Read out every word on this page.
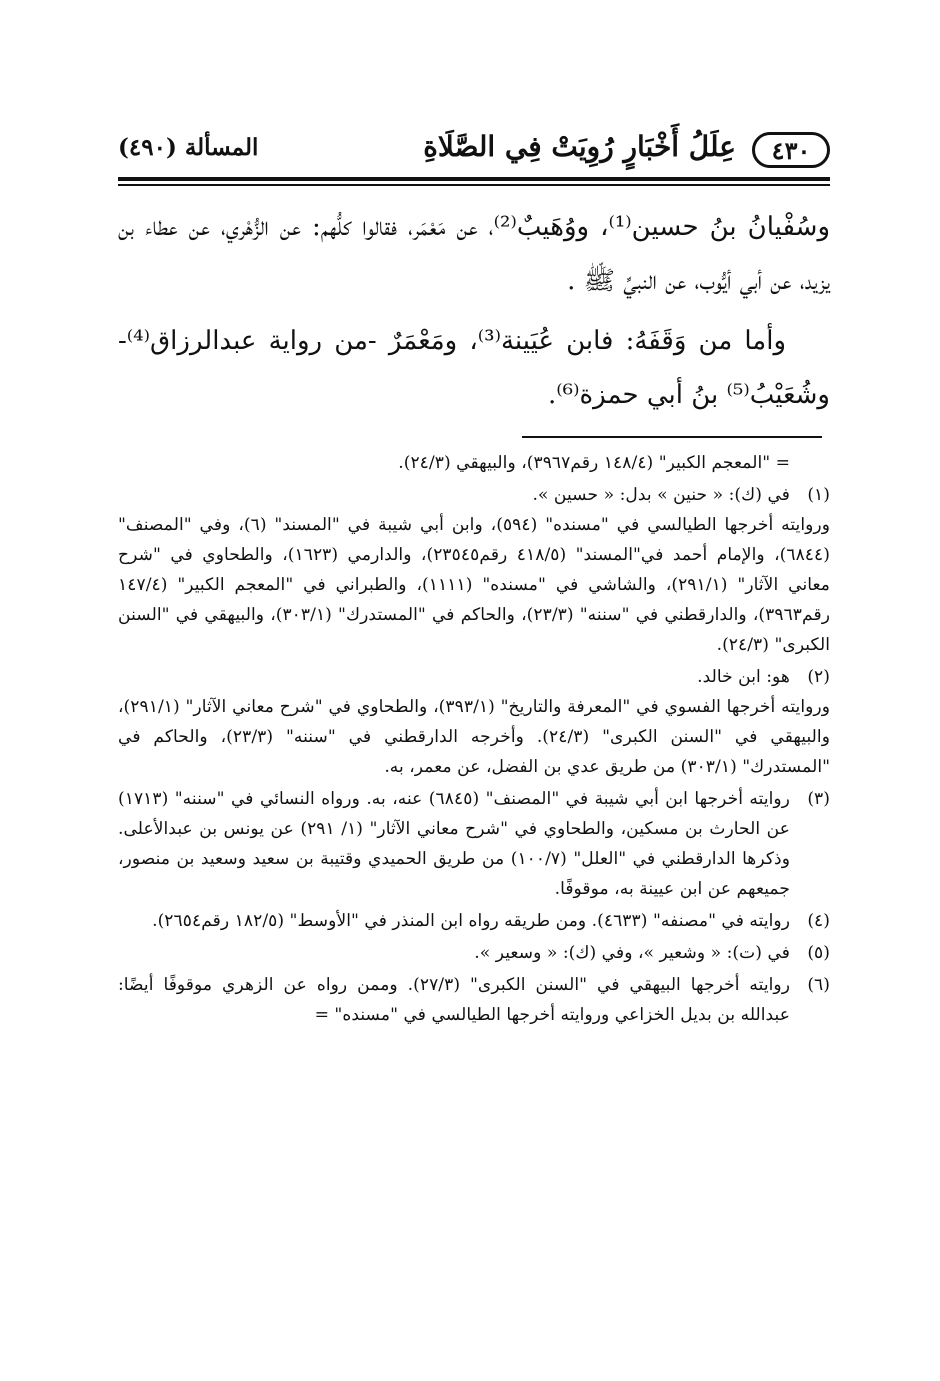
٤٣٠
عِلَلُ أَخْبَارٍ رُوِيَتْ فِي الصَّلَاةِ
المسألة (٤٩٠)

وسُفْيانُ بنُ حسين⁽¹⁾، ووُهَيبٌ⁽²⁾، عن مَعْمَر، فقالوا كلُّهم: عن الزُّهْري، عن عطاء بن يزيد، عن أبي أيُّوب، عن النبيِّ ﷺ .

وأما من وَقَفَهُ: فابن عُيَينة⁽³⁾، ومَعْمَرٌ -من رواية عبدالرزاق⁽⁴⁾- وشُعَيْبُ⁽⁵⁾ بنُ أبي حمزة⁽⁶⁾.

= "المعجم الكبير" (١٤٨/٤ رقم٣٩٦٧)، والبيهقي (٢٤/٣).

(١)
في (ك): « حنين » بدل: « حسين ».
وروايته أخرجها الطيالسي في "مسنده" (٥٩٤)، وابن أبي شيبة في "المسند" (٦)، وفي "المصنف" (٦٨٤٤)، والإمام أحمد في"المسند" (٤١٨/٥ رقم٢٣٥٤٥)، والدارمي (١٦٢٣)، والطحاوي في "شرح معاني الآثار" (٢٩١/١)، والشاشي في "مسنده" (١١١١)، والطبراني في "المعجم الكبير" (١٤٧/٤ رقم٣٩٦٣)، والدارقطني في "سننه" (٢٣/٣)، والحاكم في "المستدرك" (٣٠٣/١)، والبيهقي في "السنن الكبرى" (٢٤/٣).
(٢)
هو: ابن خالد.
وروايته أخرجها الفسوي في "المعرفة والتاريخ" (٣٩٣/١)، والطحاوي في "شرح معاني الآثار" (٢٩١/١)، والبيهقي في "السنن الكبرى" (٢٤/٣). وأخرجه الدارقطني في "سننه" (٢٣/٣)، والحاكم في "المستدرك" (٣٠٣/١) من طريق عدي بن الفضل، عن معمر، به.
(٣)
روايته أخرجها ابن أبي شيبة في "المصنف" (٦٨٤٥) عنه، به. ورواه النسائي في "سننه" (١٧١٣) عن الحارث بن مسكين، والطحاوي في "شرح معاني الآثار" (١/ ٢٩١) عن يونس بن عبدالأعلى. وذكرها الدارقطني في "العلل" (١٠٠/٧) من طريق الحميدي وقتيبة بن سعيد وسعيد بن منصور، جميعهم عن ابن عيينة به، موقوفًا.
(٤)
روايته في "مصنفه" (٤٦٣٣). ومن طريقه رواه ابن المنذر في "الأوسط" (١٨٢/٥ رقم٢٦٥٤).
(٥)
في (ت): « وشعير »، وفي (ك): « وسعير ».
(٦)
روايته أخرجها البيهقي في "السنن الكبرى" (٢٧/٣). وممن رواه عن الزهري موقوفًا أيضًا: عبدالله بن بديل الخزاعي وروايته أخرجها الطيالسي في "مسنده" =
